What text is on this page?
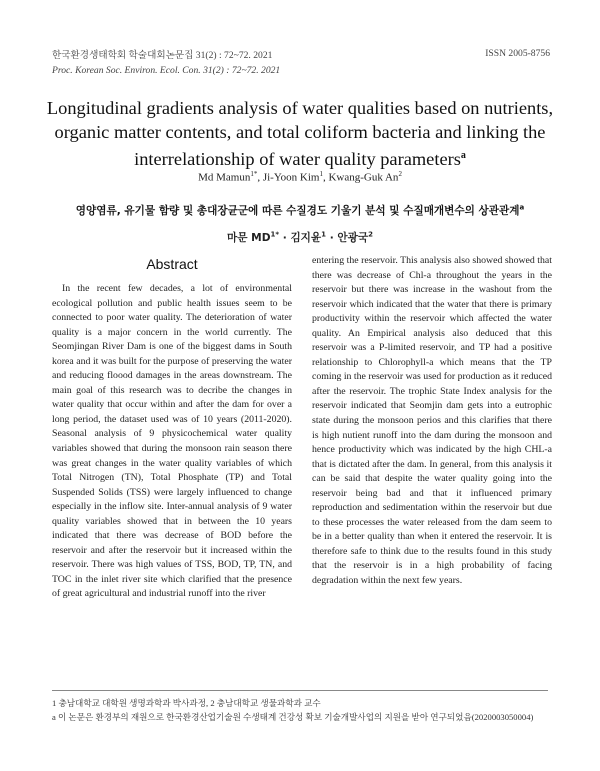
한국환경생태학회 학술대회논문집 31(2) : 72~72. 2021
Proc. Korean Soc. Environ. Ecol. Con. 31(2) : 72~72. 2021
ISSN 2005-8756
Longitudinal gradients analysis of water qualities based on nutrients, organic matter contents, and total coliform bacteria and linking the interrelationship of water quality parameters$^a$
Md Mamun$^{1*}$, Ji-Yoon Kim$^1$, Kwang-Guk An$^2$
영양염류, 유기물 함량 및 총대장균군에 따른 수질경도 기울기 분석 및 수질매개변수의 상관관계$^a$
마문 $MD^{1*}$ · 김지윤$^1$ · 안광국$^2$
Abstract
In the recent few decades, a lot of environmental ecological pollution and public health issues seem to be connected to poor water quality. The deterioration of water quality is a major concern in the world currently. The Seomjingan River Dam is one of the biggest dams in South korea and it was built for the purpose of preserving the water and reducing floood damages in the areas downstream. The main goal of this research was to decribe the changes in water quality that occur within and after the dam for over a long period, the dataset used was of 10 years (2011-2020). Seasonal analysis of 9 physicochemical water quality variables showed that during the monsoon rain season there was great changes in the water quality variables of which Total Nitrogen (TN), Total Phosphate (TP) and Total Suspended Solids (TSS) were largely influenced to change especially in the inflow site. Inter-annual analysis of 9 water quality variables showed that in between the 10 years indicated that there was decrease of BOD before the reservoir and after the reservoir but it increased within the reservoir. There was high values of TSS, BOD, TP, TN, and TOC in the inlet river site which clarified that the presence of great agricultural and industrial runoff into the river
entering the reservoir. This analysis also showed showed that there was decrease of Chl-a throughout the years in the reservoir but there was increase in the washout from the reservoir which indicated that the water that there is primary productivity within the reservoir which affected the water quality. An Empirical analysis also deduced that this reservoir was a P-limited reservoir, and TP had a positive relationship to Chlorophyll-a which means that the TP coming in the reservoir was used for production as it reduced after the reservoir. The trophic State Index analysis for the reservoir indicated that Seomjin dam gets into a eutrophic state during the monsoon perios and this clarifies that there is high nutient runoff into the dam during the monsoon and hence productivity which was indicated by the high CHL-a that is dictated after the dam. In general, from this analysis it can be said that despite the water quality going into the reservoir being bad and that it influenced primary reproduction and sedimentation within the reservoir but due to these processes the water released from the dam seem to be in a better quality than when it entered the reservoir. It is therefore safe to think due to the results found in this study that the reservoir is in a high probability of facing degradation within the next few years.
1 충남대학교 대학원 생명과학과 박사과정, 2 충남대학교 생물과학과 교수
a 이 논문은 환경부의 재원으로 한국환경산업기술원 수생태계 건강성 확보 기술개발사업의 지원을 받아 연구되었음(2020003050004)
